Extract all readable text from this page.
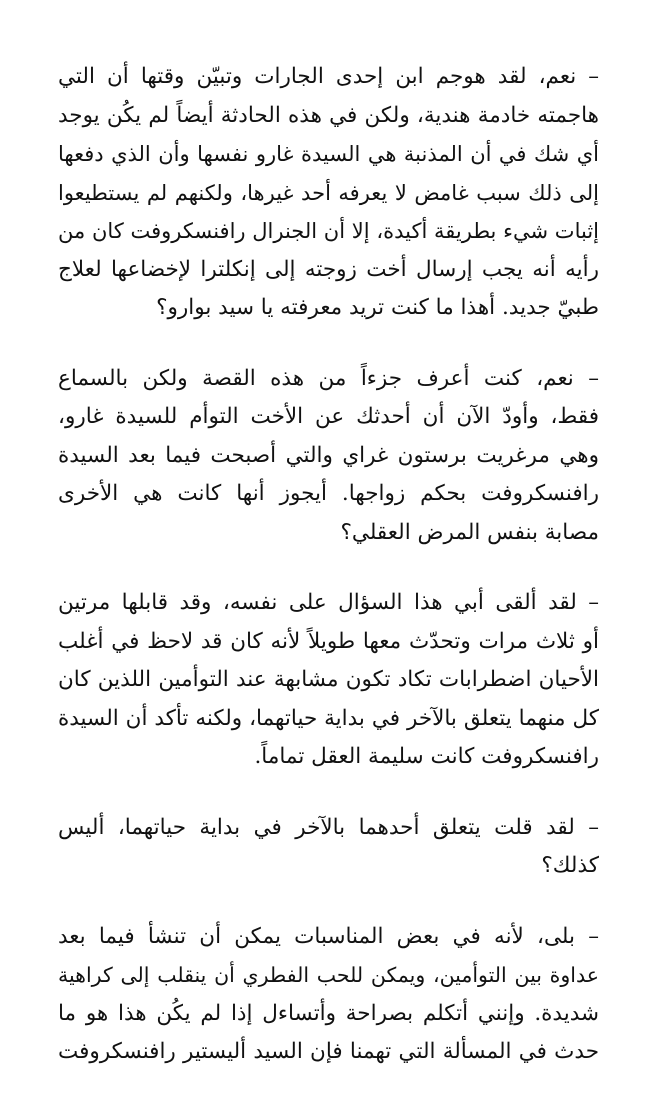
– نعم، لقد هوجم ابن إحدى الجارات وتبيّن وقتها أن التي
هاجمته خادمة هندية، ولكن في هذه الحادثة أيضاً لم يكُن يوجد
أي شك في أن المذنبة هي السيدة غارو نفسها وأن الذي دفعها
إلى ذلك سبب غامض لا يعرفه أحد غيرها، ولكنهم لم يستطيعوا
إثبات شيء بطريقة أكيدة، إلا أن الجنرال رافنسكروفت كان من
رأيه أنه يجب إرسال أخت زوجته إلى إنكلترا لإخضاعها لعلاج
طبيّ جديد. أهذا ما كنت تريد معرفته يا سيد بوارو؟

– نعم، كنت أعرف جزءاً من هذه القصة ولكن بالسماع
فقط، وأودّ الآن أن أحدثك عن الأخت التوأم للسيدة غارو،
وهي مرغريت برستون غراي والتي أصبحت فيما بعد السيدة
رافنسكروفت بحكم زواجها. أيجوز أنها كانت هي الأخرى
مصابة بنفس المرض العقلي؟

– لقد ألقى أبي هذا السؤال على نفسه، وقد قابلها مرتين
أو ثلاث مرات وتحدّث معها طويلاً لأنه كان قد لاحظ في أغلب
الأحيان اضطرابات تكاد تكون مشابهة عند التوأمين اللذين كان
كل منهما يتعلق بالآخر في بداية حياتهما، ولكنه تأكد أن السيدة
رافنسكروفت كانت سليمة العقل تماماً.

– لقد قلت يتعلق أحدهما بالآخر في بداية حياتهما، أليس
كذلك؟

– بلى، لأنه في بعض المناسبات يمكن أن تنشأ فيما بعد
عداوة بين التوأمين، ويمكن للحب الفطري أن ينقلب إلى كراهية
شديدة. وإنني أتكلم بصراحة وأتساءل إذا لم يكُن هذا هو ما
حدث في المسألة التي تهمنا فإن السيد أليستير رافنسكروفت
